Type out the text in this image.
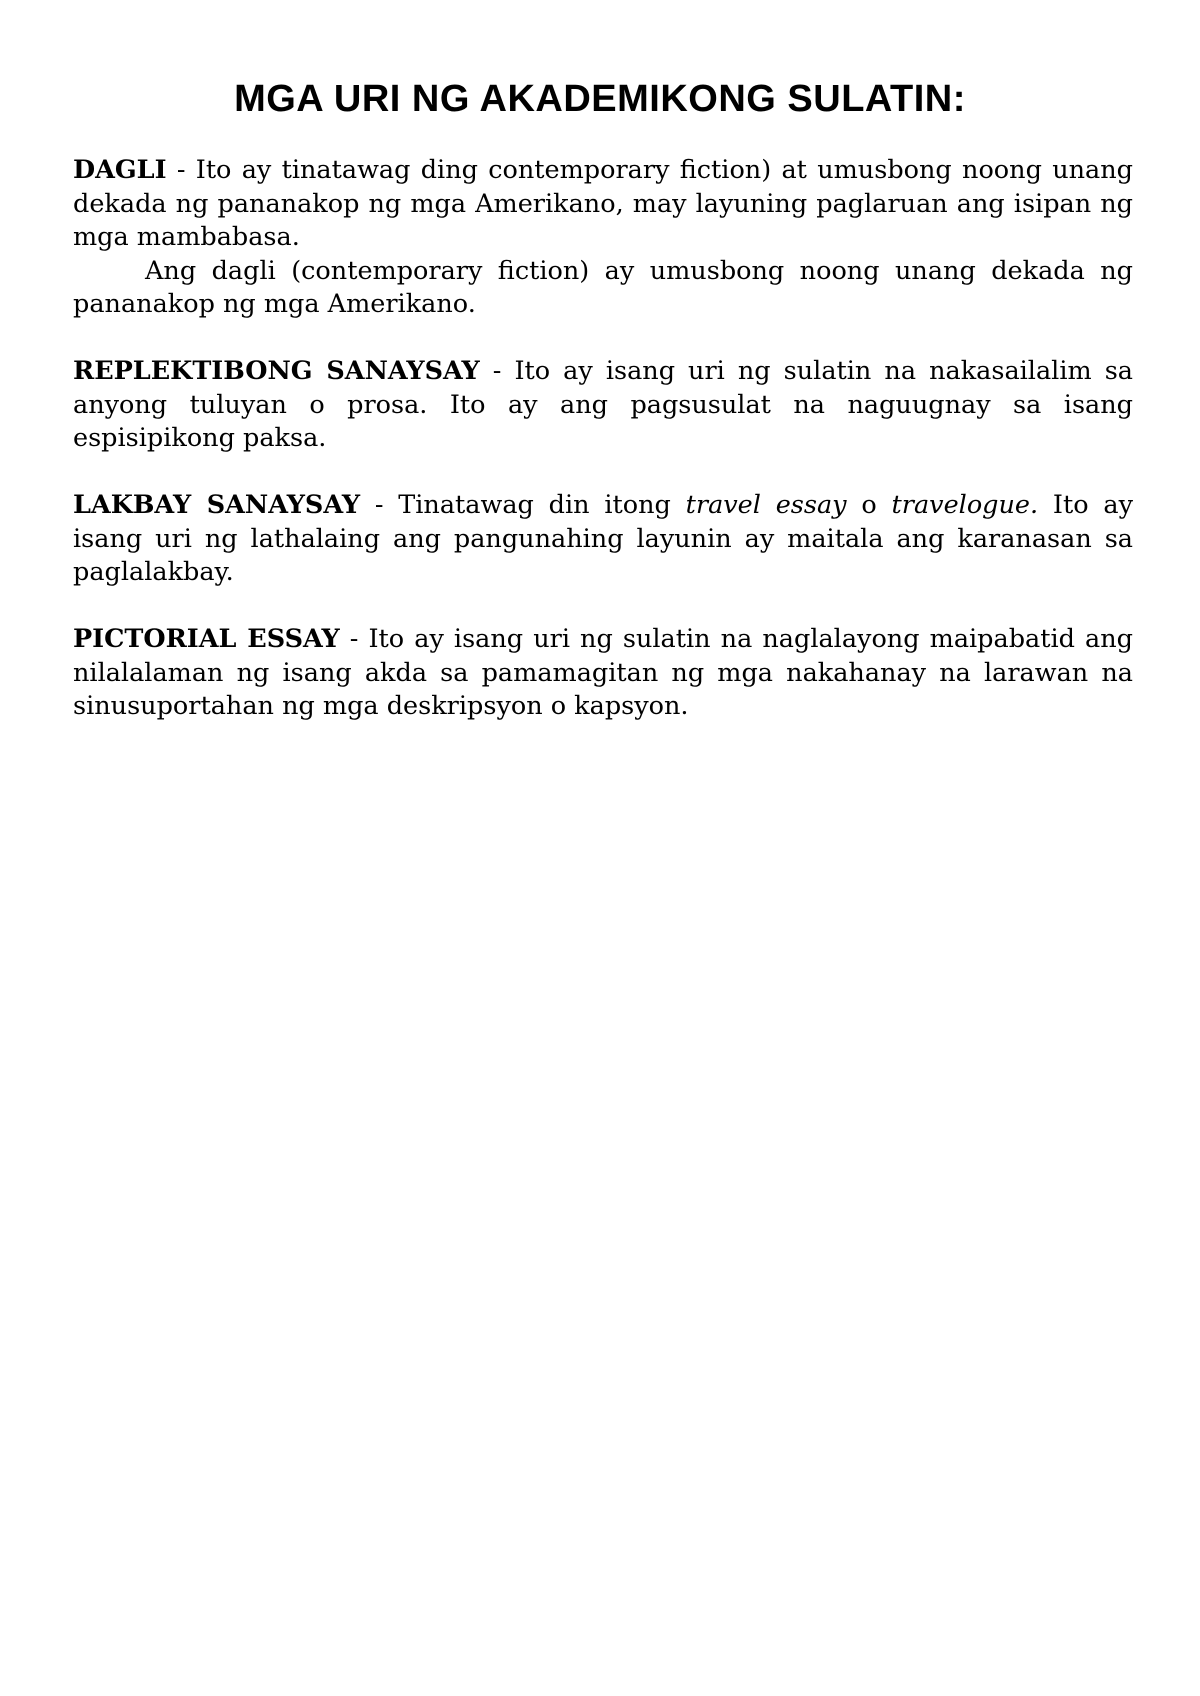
MGA URI NG AKADEMIKONG SULATIN:

DAGLI - Ito ay tinatawag ding contemporary fiction) at umusbong noong unang dekada ng pananakop ng mga Amerikano, may layuning paglaruan ang isipan ng mga mambabasa.

Ang dagli (contemporary fiction) ay umusbong noong unang dekada ng pananakop ng mga Amerikano.

REPLEKTIBONG SANAYSAY - Ito ay isang uri ng sulatin na nakasailalim sa anyong tuluyan o prosa. Ito ay ang pagsusulat na naguugnay sa isang espisipikong paksa.

LAKBAY SANAYSAY - Tinatawag din itong travel essay o travelogue. Ito ay isang uri ng lathalaing ang pangunahing layunin ay maitala ang karanasan sa paglalakbay.

PICTORIAL ESSAY - Ito ay isang uri ng sulatin na naglalayong maipabatid ang nilalalaman ng isang akda sa pamamagitan ng mga nakahanay na larawan na sinusuportahan ng mga deskripsyon o kapsyon.
